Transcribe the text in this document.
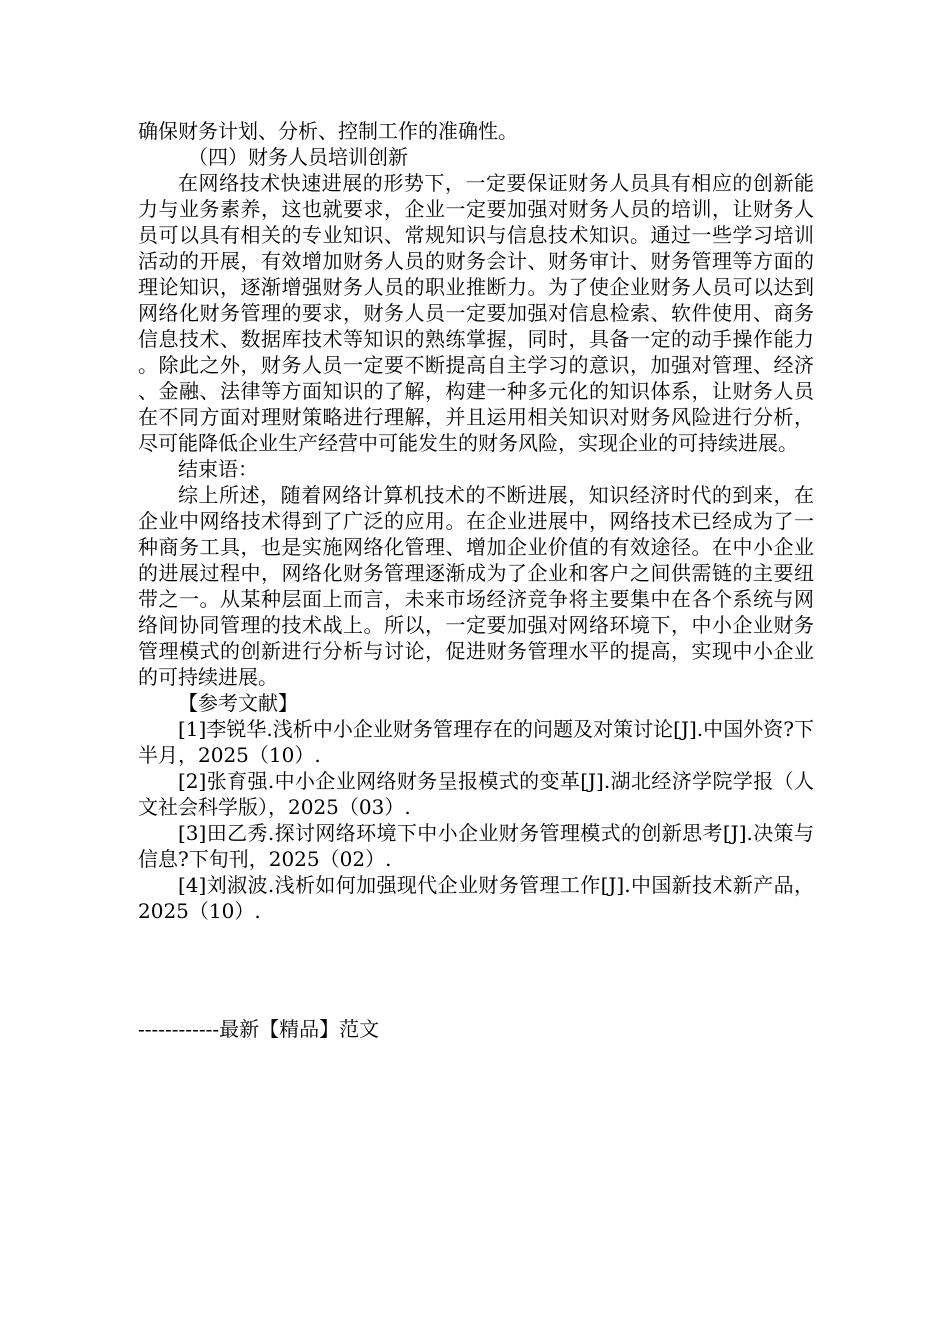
确保财务计划、分析、控制工作的准确性。

（四）财务人员培训创新

在网络技术快速进展的形势下，一定要保证财务人员具有相应的创新能力与业务素养，这也就要求，企业一定要加强对财务人员的培训，让财务人员可以具有相关的专业知识、常规知识与信息技术知识。通过一些学习培训活动的开展，有效增加财务人员的财务会计、财务审计、财务管理等方面的理论知识，逐渐增强财务人员的职业推断力。为了使企业财务人员可以达到网络化财务管理的要求，财务人员一定要加强对信息检索、软件使用、商务信息技术、数据库技术等知识的熟练掌握，同时，具备一定的动手操作能力。除此之外，财务人员一定要不断提高自主学习的意识，加强对管理、经济、金融、法律等方面知识的了解，构建一种多元化的知识体系，让财务人员在不同方面对理财策略进行理解，并且运用相关知识对财务风险进行分析，尽可能降低企业生产经营中可能发生的财务风险，实现企业的可持续进展。

结束语：

综上所述，随着网络计算机技术的不断进展，知识经济时代的到来，在企业中网络技术得到了广泛的应用。在企业进展中，网络技术已经成为了一种商务工具，也是实施网络化管理、增加企业价值的有效途径。在中小企业的进展过程中，网络化财务管理逐渐成为了企业和客户之间供需链的主要纽带之一。从某种层面上而言，未来市场经济竞争将主要集中在各个系统与网络间协同管理的技术战上。所以，一定要加强对网络环境下，中小企业财务管理模式的创新进行分析与讨论，促进财务管理水平的提高，实现中小企业的可持续进展。

【参考文献】

[1]李锐华.浅析中小企业财务管理存在的问题及对策讨论[J].中国外资?下半月，2025（10）.

[2]张育强.中小企业网络财务呈报模式的变革[J].湖北经济学院学报（人文社会科学版），2025（03）.

[3]田乙秀.探讨网络环境下中小企业财务管理模式的创新思考[J].决策与信息?下旬刊，2025（02）.

[4]刘淑波.浅析如何加强现代企业财务管理工作[J].中国新技术新产品，2025（10）.

------------最新【精品】范文
